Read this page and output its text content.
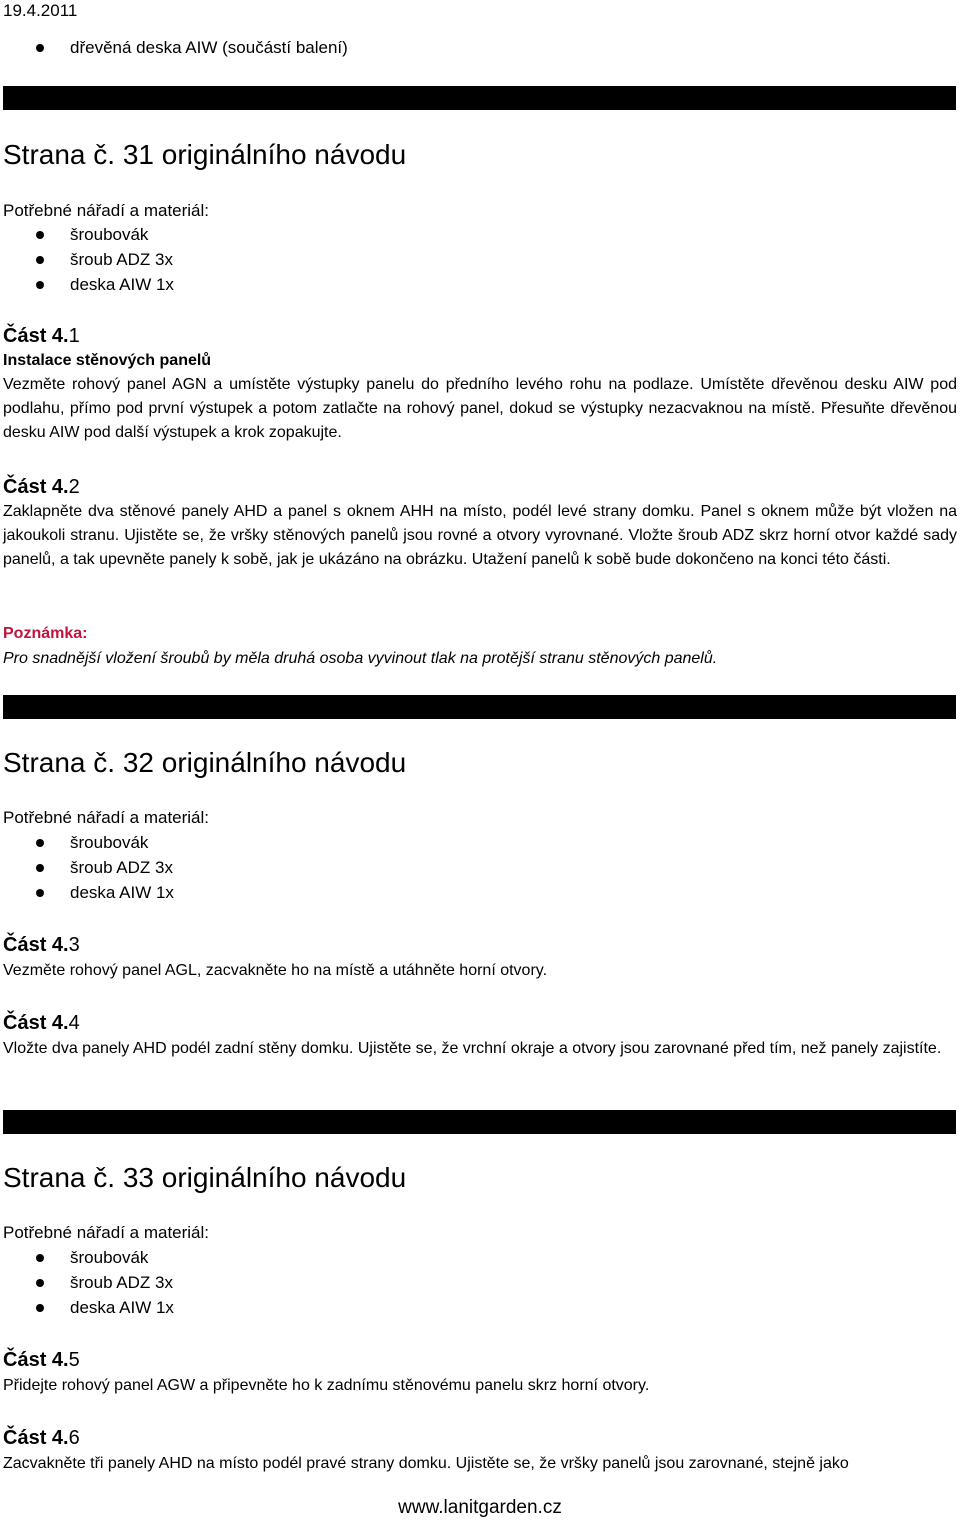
19.4.2011
dřevěná deska AIW (součástí balení)
Strana č. 31 originálního návodu
Potřebné nářadí a materiál:
šroubovák
šroub ADZ 3x
deska AIW 1x
Část 4.1
Instalace stěnových panelů
Vezměte rohový panel AGN a umístěte výstupky panelu do předního levého rohu na podlaze. Umístěte dřevěnou desku AIW pod podlahu, přímo pod první výstupek a potom zatlačte na rohový panel, dokud se výstupky nezacvaknou na místě. Přesuňte dřevěnou desku AIW pod další výstupek a krok zopakujte.
Část 4.2
Zaklapněte dva stěnové panely AHD a panel s oknem AHH na místo, podél levé strany domku. Panel s oknem může být vložen na jakoukoli stranu. Ujistěte se, že vršky stěnových panelů jsou rovné a otvory vyrovnané. Vložte šroub ADZ skrz horní otvor každé sady panelů, a tak upevněte panely k sobě, jak je ukázáno na obrázku. Utažení panelů k sobě bude dokončeno na konci této části.
Poznámka:
Pro snadnější vložení šroubů by měla druhá osoba vyvinout tlak na protější stranu stěnových panelů.
Strana č. 32 originálního návodu
Potřebné nářadí a materiál:
šroubovák
šroub ADZ 3x
deska AIW 1x
Část 4.3
Vezměte rohový panel AGL, zacvakněte ho na místě a utáhněte horní otvory.
Část 4.4
Vložte dva panely AHD podél zadní stěny domku. Ujistěte se, že vrchní okraje a otvory jsou zarovnané před tím, než panely zajistíte.
Strana č. 33 originálního návodu
Potřebné nářadí a materiál:
šroubovák
šroub ADZ 3x
deska AIW 1x
Část 4.5
Přidejte rohový panel AGW a připevněte ho k zadnímu stěnovému panelu skrz horní otvory.
Část 4.6
Zacvakněte tři panely AHD na místo podél pravé strany domku. Ujistěte se, že vršky panelů jsou zarovnané, stejně jako
www.lanitgarden.cz
